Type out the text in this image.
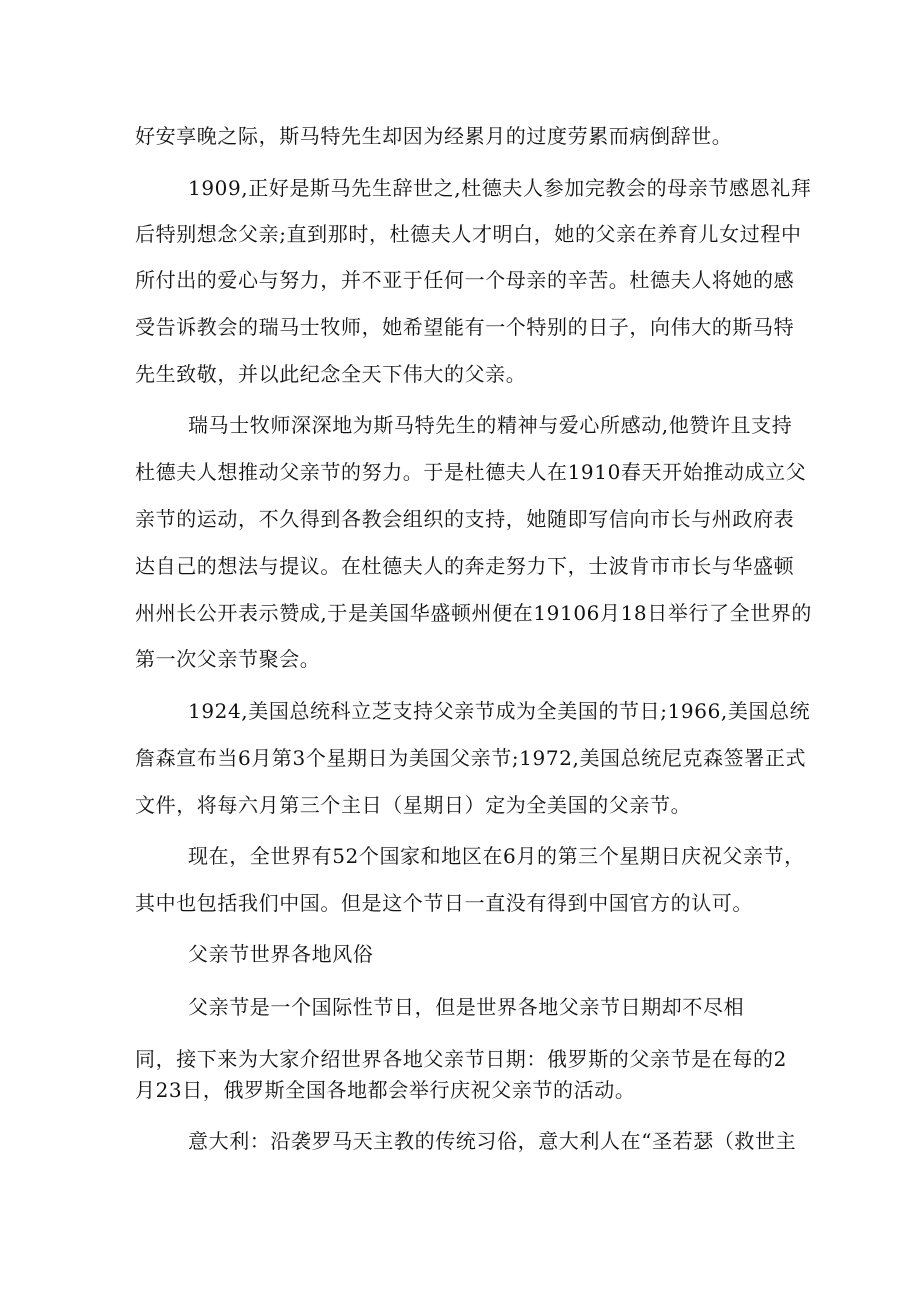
好安享晚之际，斯马特先生却因为经累月的过度劳累而病倒辞世。
1909,正好是斯马先生辞世之,杜德夫人参加完教会的母亲节感恩礼拜
后特别想念父亲;直到那时，杜德夫人才明白，她的父亲在养育儿女过程中
所付出的爱心与努力，并不亚于任何一个母亲的辛苦。杜德夫人将她的感
受告诉教会的瑞马士牧师，她希望能有一个特别的日子，向伟大的斯马特
先生致敬，并以此纪念全天下伟大的父亲。
瑞马士牧师深深地为斯马特先生的精神与爱心所感动,他赞许且支持
杜德夫人想推动父亲节的努力。于是杜德夫人在1910春天开始推动成立父
亲节的运动，不久得到各教会组织的支持，她随即写信向市长与州政府表
达自己的想法与提议。在杜德夫人的奔走努力下，士波肯市市长与华盛顿
州州长公开表示赞成,于是美国华盛顿州便在19106月18日举行了全世界的
第一次父亲节聚会。
1924,美国总统科立芝支持父亲节成为全美国的节日;1966,美国总统
詹森宣布当6月第3个星期日为美国父亲节;1972,美国总统尼克森签署正式
文件，将每六月第三个主日（星期日）定为全美国的父亲节。
现在，全世界有52个国家和地区在6月的第三个星期日庆祝父亲节，
其中也包括我们中国。但是这个节日一直没有得到中国官方的认可。
父亲节世界各地风俗
父亲节是一个国际性节日，但是世界各地父亲节日期却不尽相
同，接下来为大家介绍世界各地父亲节日期：俄罗斯的父亲节是在每的2
月23日，俄罗斯全国各地都会举行庆祝父亲节的活动。
意大利：沿袭罗马天主教的传统习俗，意大利人在“圣若瑟（救世主
